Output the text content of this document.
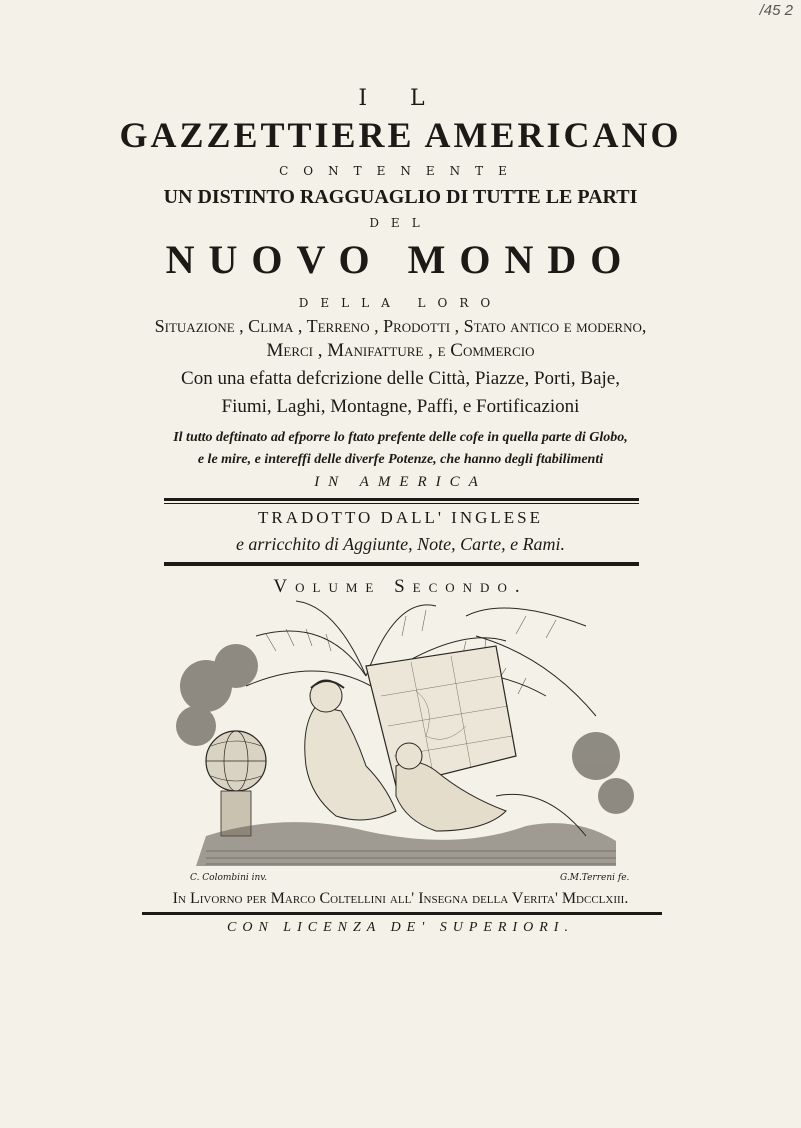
/45 2
I L
GAZZETTIERE AMERICANO
CONTENENTE
UN DISTINTO RAGGUAGLIO DI TUTTE LE PARTI
DEL
NUOVO MONDO
DELLA LORO
Situazione , Clima , Terreno , Prodotti , Stato antico e moderno,
Merci , Manifatture , e Commercio
Con una efatta defcrizione delle Città, Piazze, Porti, Baje,
Fiumi, Laghi, Montagne, Paffi, e Fortificazioni
Il tutto deftinato ad efporre lo ftato prefente delle cofe in quella parte di Globo,
e le mire, e intereffi delle diverfe Potenze, che hanno degli ftabilimenti
IN AMERICA
TRADOTTO DALL' INGLESE
e arricchito di Aggiunte, Note, Carte, e Rami.
Volume Secondo.
C. Colombini inv.	G.M.Terreni fe.
In Livorno per Marco Coltellini all' Insegna della Verita' Mdcclxiii.
CON LICENZA DE' SUPERIORI.
